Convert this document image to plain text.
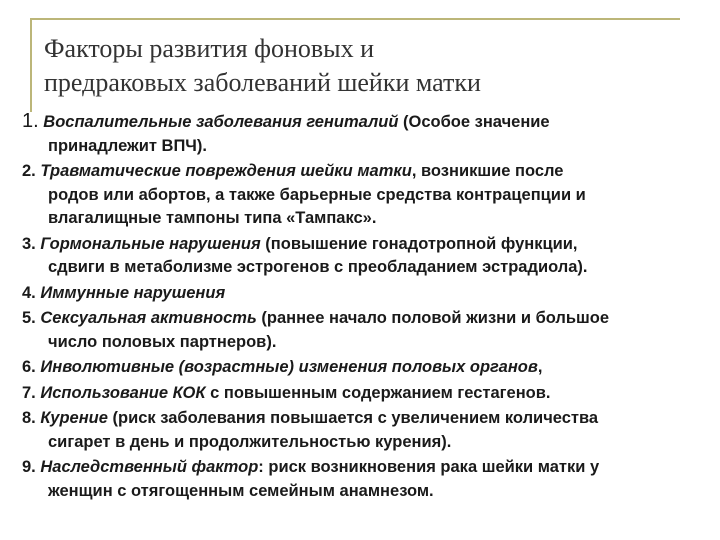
Факторы развития фоновых и
предраковых заболеваний шейки матки
1. Воспалительные заболевания гениталий (Особое значение
принадлежит ВПЧ).
2. Травматические повреждения шейки матки, возникшие после
родов или абортов, а также барьерные средства контрацепции и
влагалищные тампоны типа «Тампакс».
3. Гормональные нарушения (повышение гонадотропной функции,
сдвиги в метаболизме эстрогенов с преобладанием эстрадиола).
4. Иммунные нарушения
5. Сексуальная активность (раннее начало половой жизни и большое
число половых партнеров).
6. Инволютивные (возрастные) изменения половых органов,
7. Использование КОК с повышенным содержанием гестагенов.
8. Курение (риск заболевания повышается с увеличением количества
сигарет в день и продолжительностью курения).
9. Наследственный фактор: риск возникновения рака шейки матки у
женщин с отягощенным семейным анамнезом.
